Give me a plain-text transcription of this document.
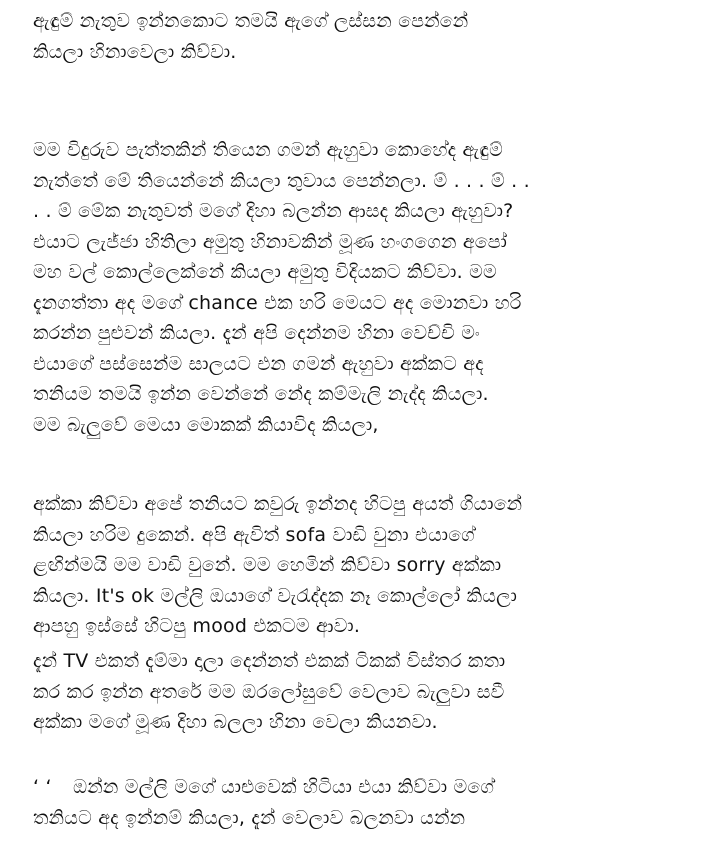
ඇඳුම් නැතුව ඉන්නකොට තමයි ඇගේ ලස්සන පෙන්නේ
කියලා හිනාවෙලා කිව්වා.

මම විදුරුව පැත්තකින් තියෙන ගමන් ඇහුවා කොහේද ඇඳුම්
නැත්තේ මේ තියෙන්නේ කියලා තුවාය පෙන්නලා. ම් . . . ම් . .
. . ම් මේක නැතුවත් මගේ දිහා බලන්න ආසද කියලා ඇහුවා?
එයාට ලැජ්ජා හිතිලා අමුතු හිනාවකින් මූණ හංගගෙන අපෝ
මහ වල් කොල්ලෙක්නේ කියලා අමුතු විදියකට කිව්වා. මම
දැනගත්තා අද මගේ chance එක හරි මෙයට අද මොනවා හරි
කරන්න පුළුවන් කියලා. දැන් අපි දෙන්නම හිනා වෙච්චි මං
එයාගේ පස්සෙන්ම සාලයට එන ගමන් ඇහුවා අක්කට අද
තනියම තමයි ඉන්න වෙන්නේ නේද කම්මැලි නැද්ද කියලා.
මම බැලුවේ මෙයා මොකක් කියාවිද කියලා,

අක්කා කිව්වා අපේ තනියට කවුරු ඉන්නද හිටපු අයත් ගියානේ
කියලා හරිම දුකෙන්. අපි ඇවිත් sofa වාඩි වුනා එයාගේ
ළඟින්මයි මම වාඩි වුනේ. මම හෙමින් කිව්වා sorry අක්කා
කියලා. It's ok මල්ලි ඔයාගේ වැරැද්දක නෑ කොල්ලෝ කියලා
ආපහු ඉස්සේ හිටපු mood එකටම ආවා.

දැන් TV එකත් දැම්මා දාලා දෙන්නත් එකක් ටිකක් විස්තර කතා
කර කර ඉන්න අතරේ මම ඔරලෝසුවේ වෙලාව බැලුවා සවී
අක්කා මගේ මූණ දිහා බලලා හිනා වෙලා කියනවා.

‘ ‘ ඔන්න මල්ලි මගේ යාළුවෙක් හිටියා එයා කිව්වා මගේ
තනියට අද ඉන්නම් කියලා, දැන් වෙලාව බලනවා යන්න
